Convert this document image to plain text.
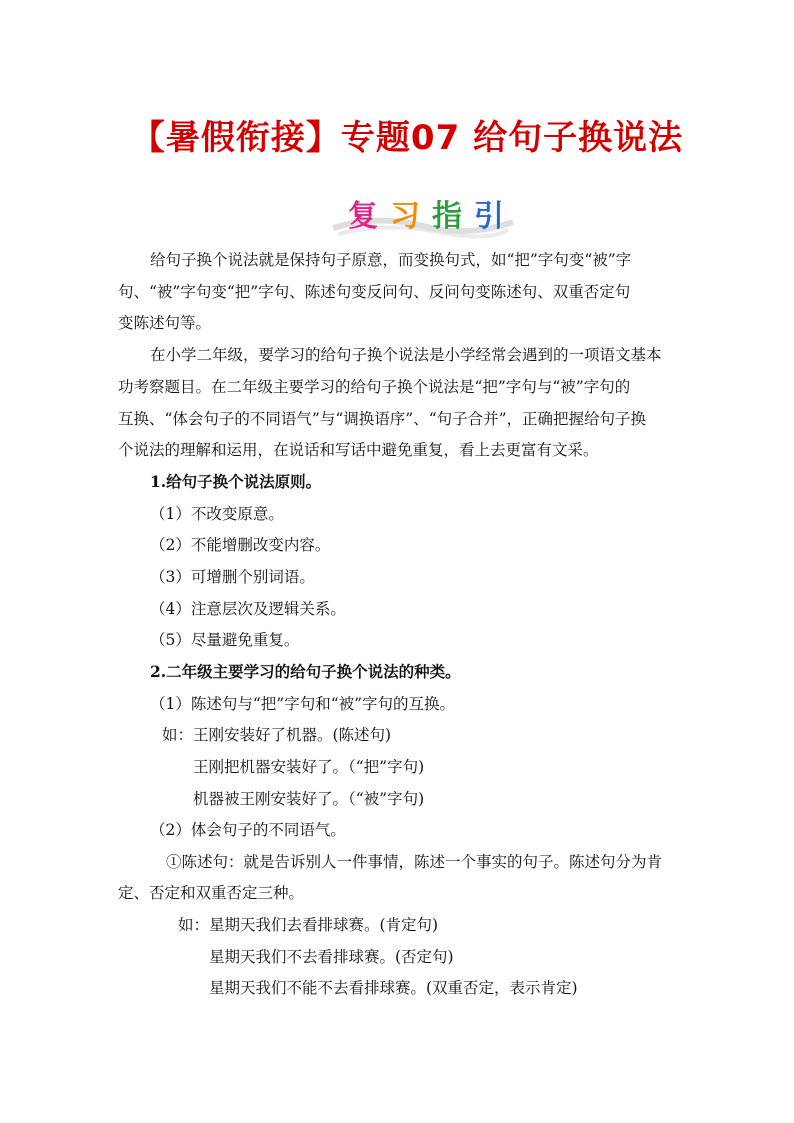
【暑假衔接】专题07 给句子换说法
复 习 指 引
给句子换个说法就是保持句子原意，而变换句式，如“把”字句变“被”字
句、“被”字句变“把”字句、陈述句变反问句、反问句变陈述句、双重否定句
变陈述句等。
在小学二年级，要学习的给句子换个说法是小学经常会遇到的一项语文基本
功考察题目。在二年级主要学习的给句子换个说法是“把”字句与“被”字句的
互换、“体会句子的不同语气”与“调换语序”、“句子合并”，正确把握给句子换
个说法的理解和运用，在说话和写话中避免重复，看上去更富有文采。
1.给句子换个说法原则。
（1）不改变原意。
（2）不能增删改变内容。
（3）可增删个别词语。
（4）注意层次及逻辑关系。
（5）尽量避免重复。
2.二年级主要学习的给句子换个说法的种类。
（1）陈述句与“把”字句和“被”字句的互换。
如：王刚安装好了机器。(陈述句)
王刚把机器安装好了。（“把”字句)
机器被王刚安装好了。（“被”字句)
（2）体会句子的不同语气。
①陈述句：就是告诉别人一件事情，陈述一个事实的句子。陈述句分为肯
定、否定和双重否定三种。
如：星期天我们去看排球赛。(肯定句)
星期天我们不去看排球赛。(否定句)
星期天我们不能不去看排球赛。(双重否定，表示肯定)
